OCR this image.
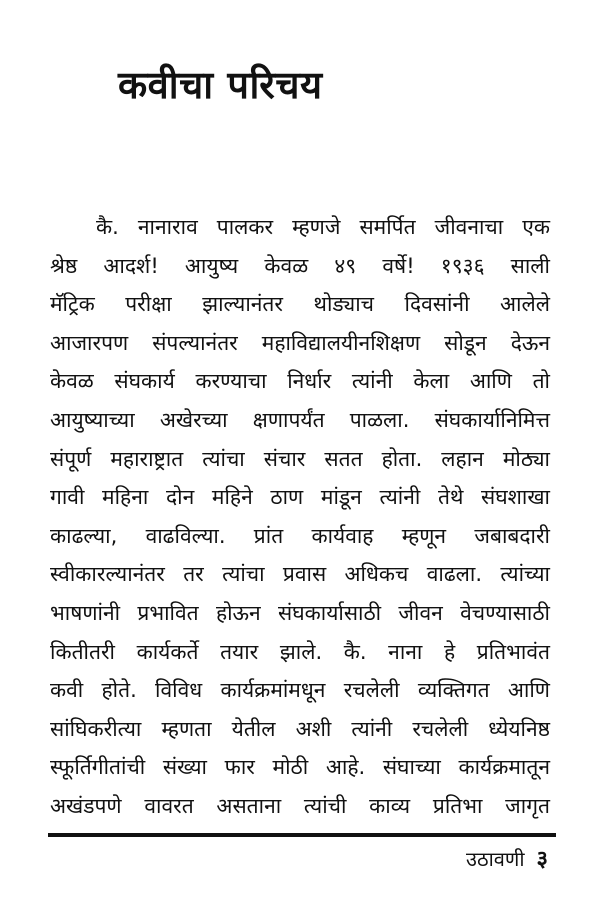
कवीचा परिचय
कै. नानाराव पालकर म्हणजे समर्पित जीवनाचा एक
श्रेष्ठ आदर्श! आयुष्य केवळ ४९ वर्षे! १९३६ साली
मॅट्रिक परीक्षा झाल्यानंतर थोड्याच दिवसांनी आलेले
आजारपण संपल्यानंतर महाविद्यालयीनशिक्षण सोडून देऊन
केवळ संघकार्य करण्याचा निर्धार त्यांनी केला आणि तो
आयुष्याच्या अखेरच्या क्षणापर्यंत पाळला. संघकार्यानिमित्त
संपूर्ण महाराष्ट्रात त्यांचा संचार सतत होता. लहान मोठ्या
गावी महिना दोन महिने ठाण मांडून त्यांनी तेथे संघशाखा
काढल्या, वाढविल्या. प्रांत कार्यवाह म्हणून जबाबदारी
स्वीकारल्यानंतर तर त्यांचा प्रवास अधिकच वाढला. त्यांच्या
भाषणांनी प्रभावित होऊन संघकार्यासाठी जीवन वेचण्यासाठी
कितीतरी कार्यकर्ते तयार झाले. कै. नाना हे प्रतिभावंत
कवी होते. विविध कार्यक्रमांमधून रचलेली व्यक्तिगत आणि
सांघिकरीत्या म्हणता येतील अशी त्यांनी रचलेली ध्येयनिष्ठ
स्फूर्तिगीतांची संख्या फार मोठी आहे. संघाच्या कार्यक्रमातून
अखंडपणे वावरत असताना त्यांची काव्य प्रतिभा जागृत
उठावणी ३
